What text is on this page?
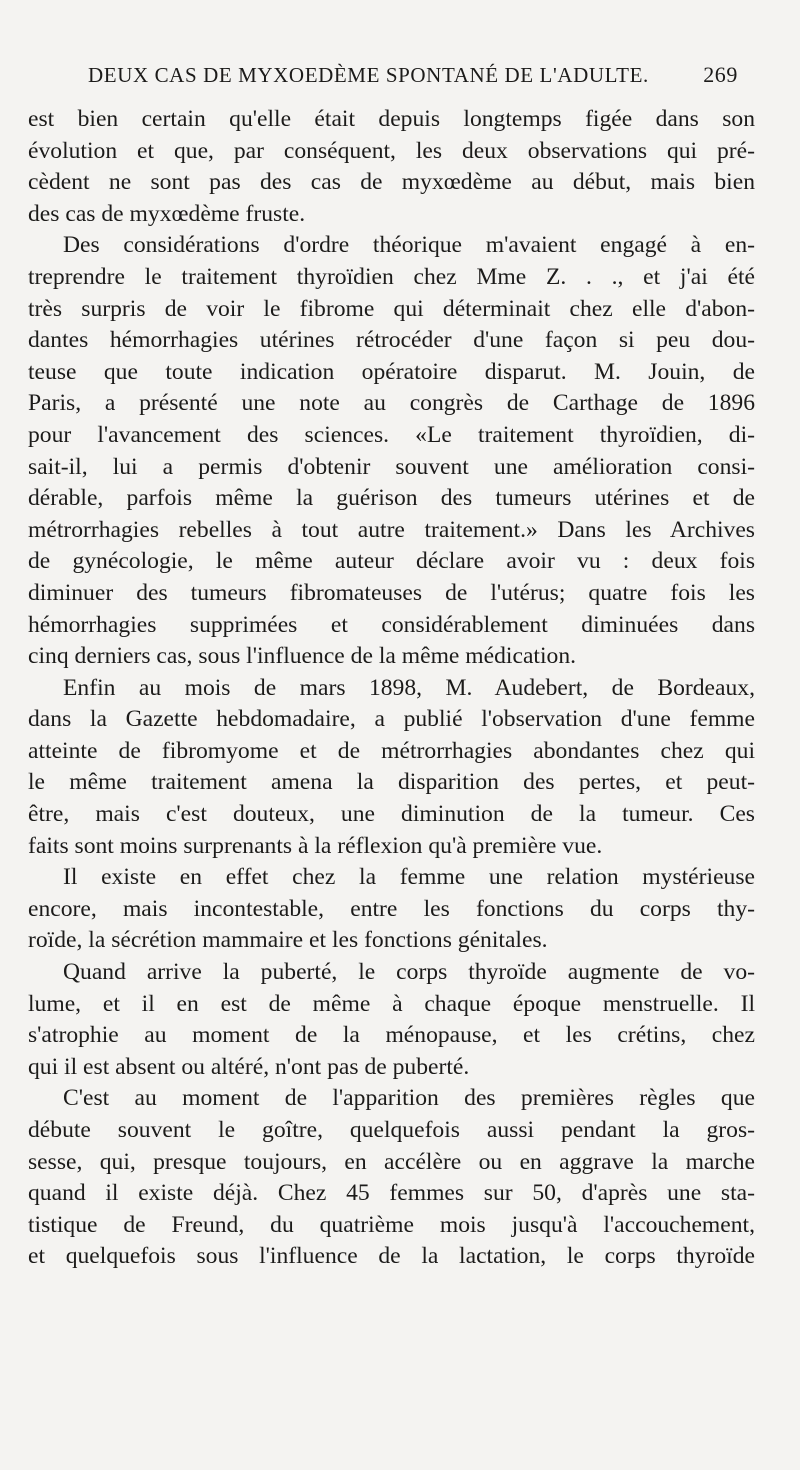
DEUX CAS DE MYXOEDÈME SPONTANÉ DE L'ADULTE. 269
est bien certain qu'elle était depuis longtemps figée dans son
évolution et que, par conséquent, les deux observations qui pré-
cèdent ne sont pas des cas de myxœdème au début, mais bien
des cas de myxœdème fruste.
Des considérations d'ordre théorique m'avaient engagé à en-
treprendre le traitement thyroïdien chez Mme Z. . ., et j'ai été
très surpris de voir le fibrome qui déterminait chez elle d'abon-
dantes hémorrhagies utérines rétrocéder d'une façon si peu dou-
teuse que toute indication opératoire disparut. M. Jouin, de
Paris, a présenté une note au congrès de Carthage de 1896
pour l'avancement des sciences. «Le traitement thyroïdien, di-
sait-il, lui a permis d'obtenir souvent une amélioration consi-
dérable, parfois même la guérison des tumeurs utérines et de
métrorrhagies rebelles à tout autre traitement.» Dans les Archives
de gynécologie, le même auteur déclare avoir vu : deux fois
diminuer des tumeurs fibromateuses de l'utérus; quatre fois les
hémorrhagies supprimées et considérablement diminuées dans
cinq derniers cas, sous l'influence de la même médication.
Enfin au mois de mars 1898, M. Audebert, de Bordeaux,
dans la Gazette hebdomadaire, a publié l'observation d'une femme
atteinte de fibromyome et de métrorrhagies abondantes chez qui
le même traitement amena la disparition des pertes, et peut-
être, mais c'est douteux, une diminution de la tumeur. Ces
faits sont moins surprenants à la réflexion qu'à première vue.
Il existe en effet chez la femme une relation mystérieuse
encore, mais incontestable, entre les fonctions du corps thy-
roïde, la sécrétion mammaire et les fonctions génitales.
Quand arrive la puberté, le corps thyroïde augmente de vo-
lume, et il en est de même à chaque époque menstruelle. Il
s'atrophie au moment de la ménopause, et les crétins, chez
qui il est absent ou altéré, n'ont pas de puberté.
C'est au moment de l'apparition des premières règles que
débute souvent le goître, quelquefois aussi pendant la gros-
sesse, qui, presque toujours, en accélère ou en aggrave la marche
quand il existe déjà. Chez 45 femmes sur 50, d'après une sta-
tistique de Freund, du quatrième mois jusqu'à l'accouchement,
et quelquefois sous l'influence de la lactation, le corps thyroïde
